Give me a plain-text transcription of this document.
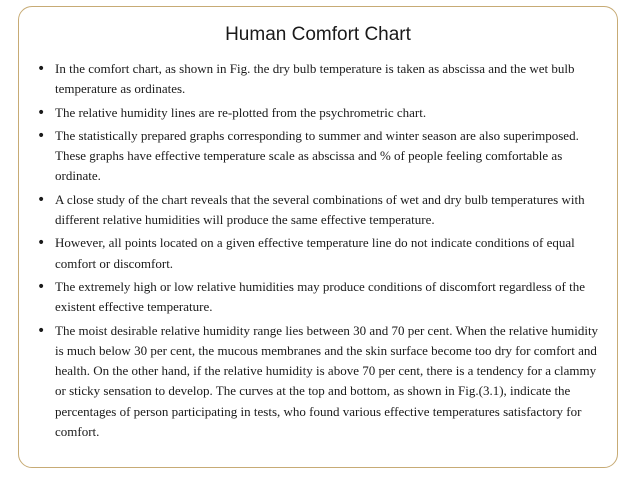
Human Comfort Chart
• In the comfort chart, as shown in Fig. the dry bulb temperature is taken as abscissa and the wet bulb temperature as ordinates.
• The relative humidity lines are re-plotted from the psychrometric chart.
• The statistically prepared graphs corresponding to summer and winter season are also superimposed. These graphs have effective temperature scale as abscissa and % of people feeling comfortable as ordinate.
• A close study of the chart reveals that the several combinations of wet and dry bulb temperatures with different relative humidities will produce the same effective temperature.
• However, all points located on a given effective temperature line do not indicate conditions of equal comfort or discomfort.
• The extremely high or low relative humidities may produce conditions of discomfort regardless of the existent effective temperature.
• The moist desirable relative humidity range lies between 30 and 70 per cent. When the relative humidity is much below 30 per cent, the mucous membranes and the skin surface become too dry for comfort and health. On the other hand, if the relative humidity is above 70 per cent, there is a tendency for a clammy or sticky sensation to develop. The curves at the top and bottom, as shown in Fig.(3.1), indicate the percentages of person participating in tests, who found various effective temperatures satisfactory for comfort.
